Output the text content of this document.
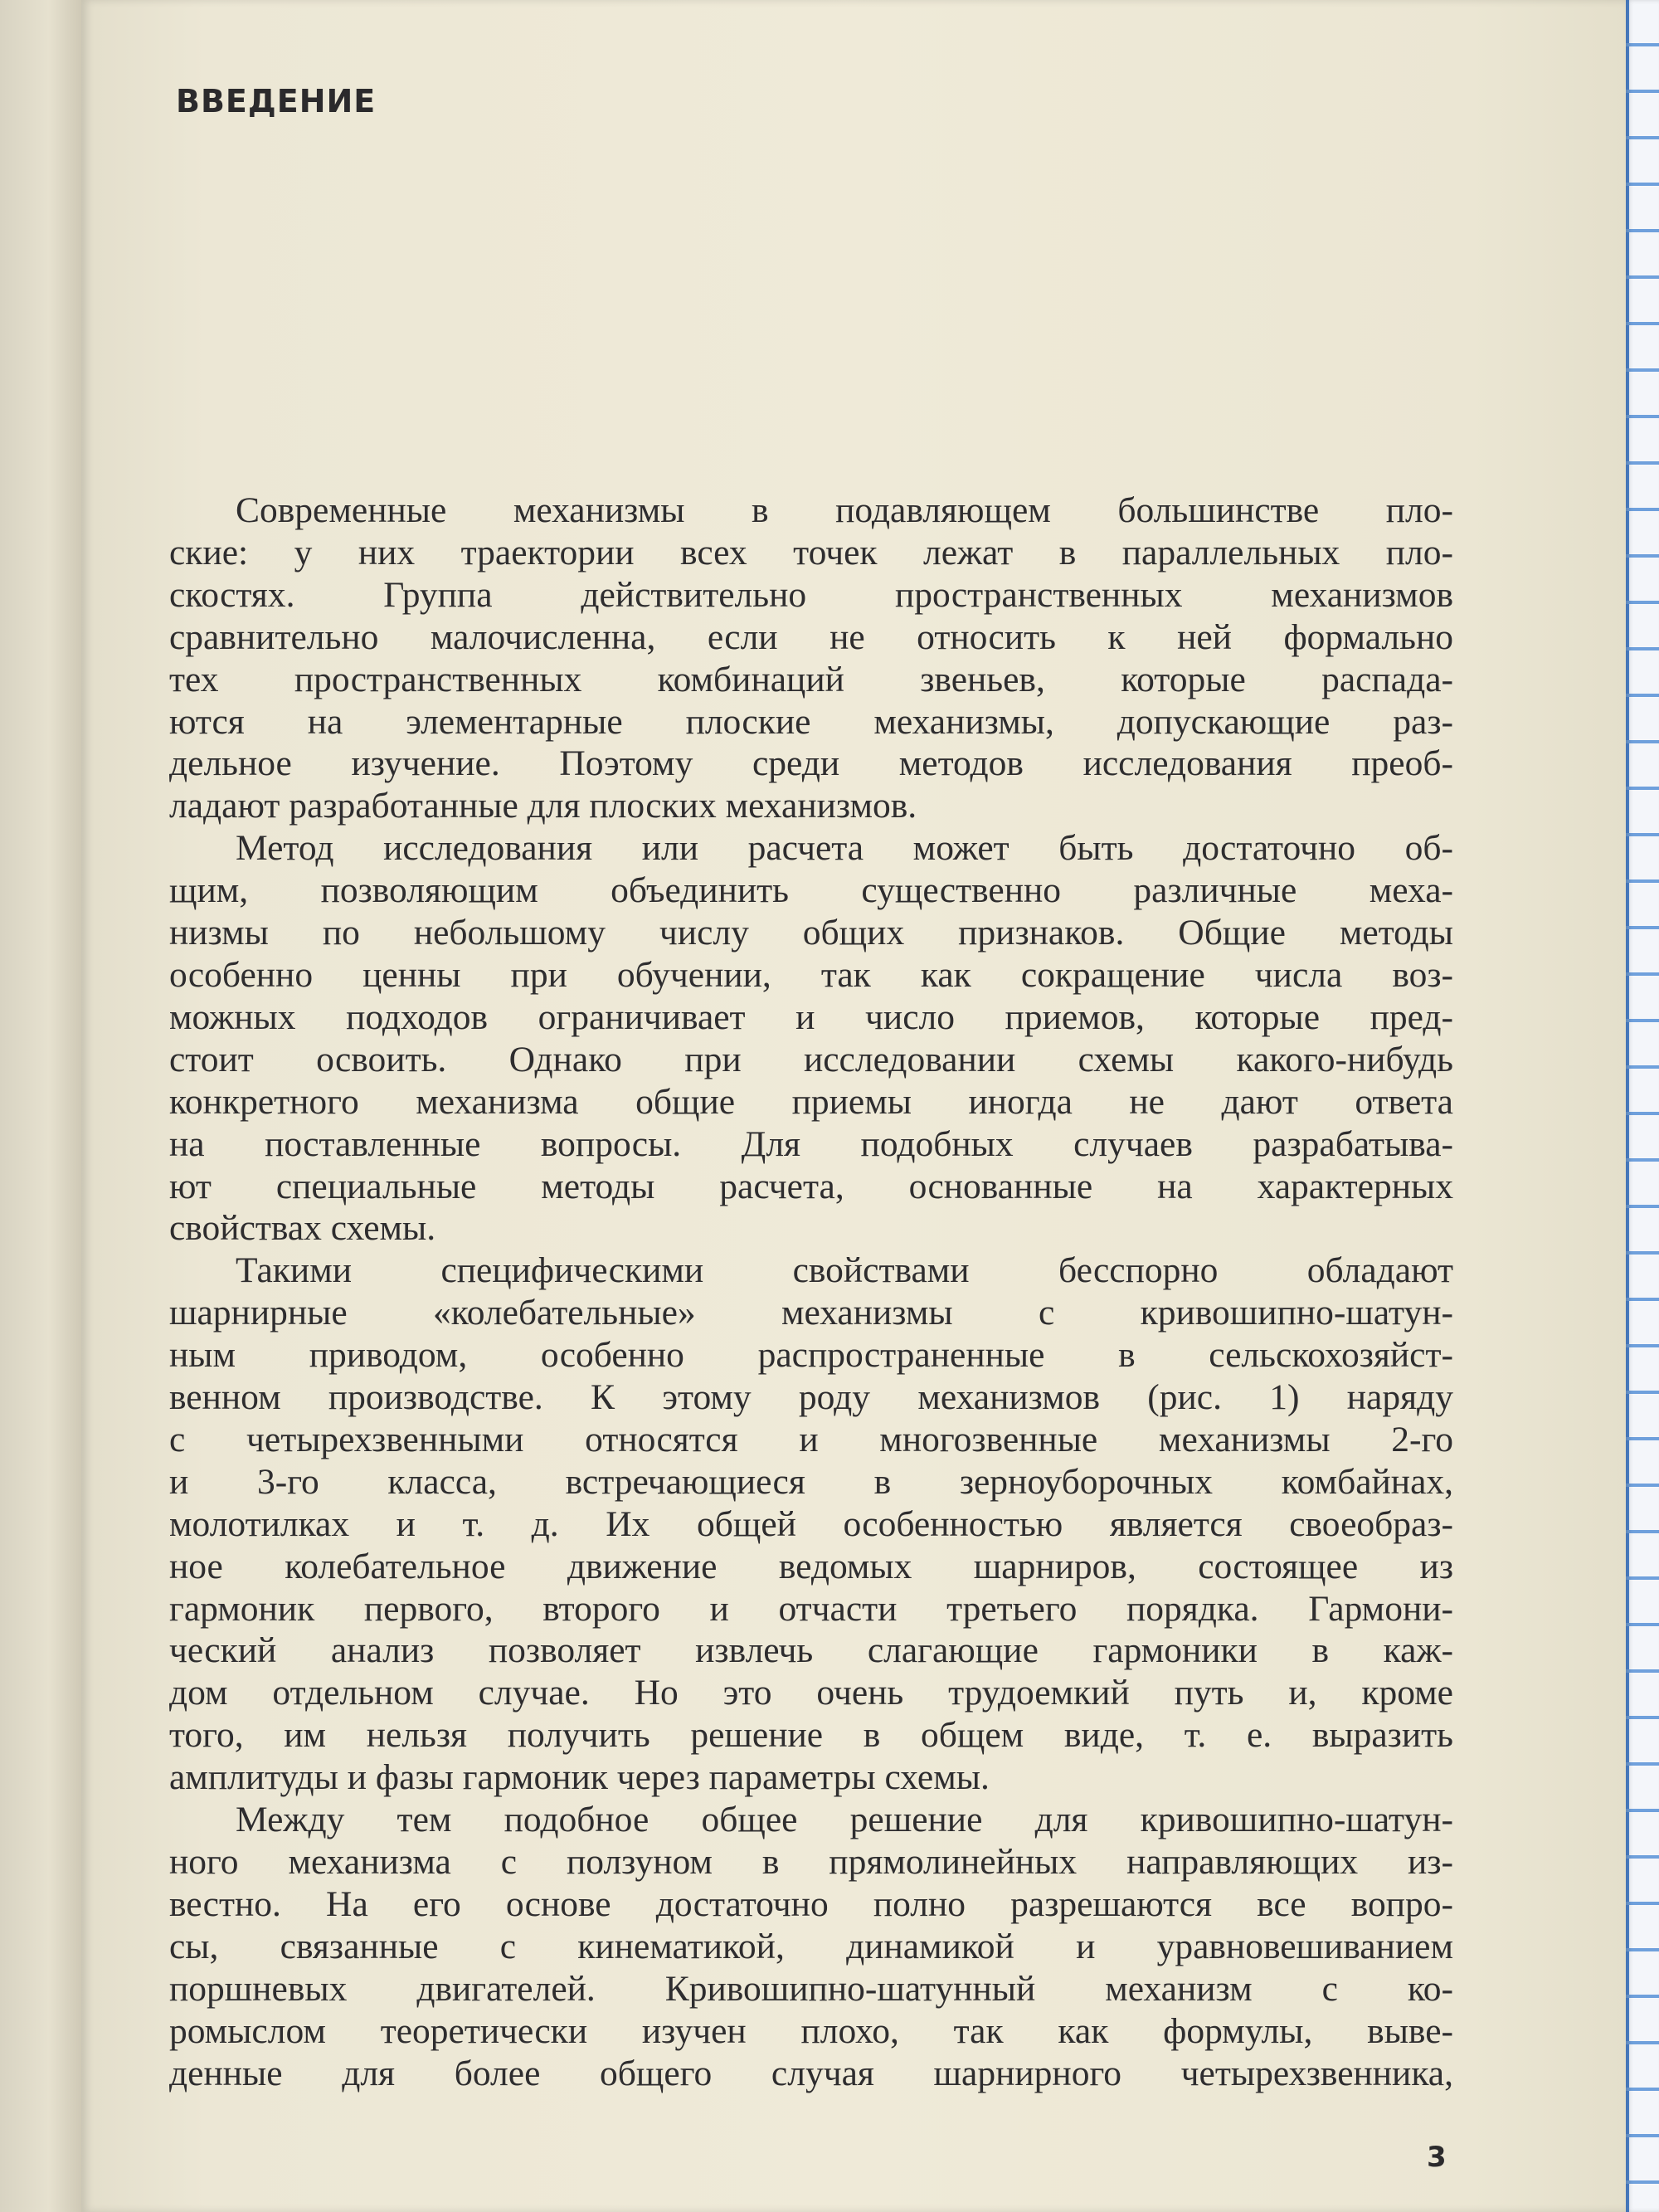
ВВЕДЕНИЕ

Современные механизмы в подавляющем большинстве пло-
ские: у них траектории всех точек лежат в параллельных пло-
скостях. Группа действительно пространственных механизмов
сравнительно малочисленна, если не относить к ней формально
тех пространственных комбинаций звеньев, которые распада-
ются на элементарные плоские механизмы, допускающие раз-
дельное изучение. Поэтому среди методов исследования преоб-
ладают разработанные для плоских механизмов.

Метод исследования или расчета может быть достаточно об-
щим, позволяющим объединить существенно различные меха-
низмы по небольшому числу общих признаков. Общие методы
особенно ценны при обучении, так как сокращение числа воз-
можных подходов ограничивает и число приемов, которые пред-
стоит освоить. Однако при исследовании схемы какого-нибудь
конкретного механизма общие приемы иногда не дают ответа
на поставленные вопросы. Для подобных случаев разрабатыва-
ют специальные методы расчета, основанные на характерных
свойствах схемы.

Такими специфическими свойствами бесспорно обладают
шарнирные «колебательные» механизмы с кривошипно-шатун-
ным приводом, особенно распространенные в сельскохозяйст-
венном производстве. К этому роду механизмов (рис. 1) наряду
с четырехзвенными относятся и многозвенные механизмы 2-го
и 3-го класса, встречающиеся в зерноуборочных комбайнах,
молотилках и т. д. Их общей особенностью является своеобраз-
ное колебательное движение ведомых шарниров, состоящее из
гармоник первого, второго и отчасти третьего порядка. Гармони-
ческий анализ позволяет извлечь слагающие гармоники в каж-
дом отдельном случае. Но это очень трудоемкий путь и, кроме
того, им нельзя получить решение в общем виде, т. е. выразить
амплитуды и фазы гармоник через параметры схемы.

Между тем подобное общее решение для кривошипно-шатун-
ного механизма с ползуном в прямолинейных направляющих из-
вестно. На его основе достаточно полно разрешаются все вопро-
сы, связанные с кинематикой, динамикой и уравновешиванием
поршневых двигателей. Кривошипно-шатунный механизм с ко-
ромыслом теоретически изучен плохо, так как формулы, выве-
денные для более общего случая шарнирного четырехзвенника,

3
